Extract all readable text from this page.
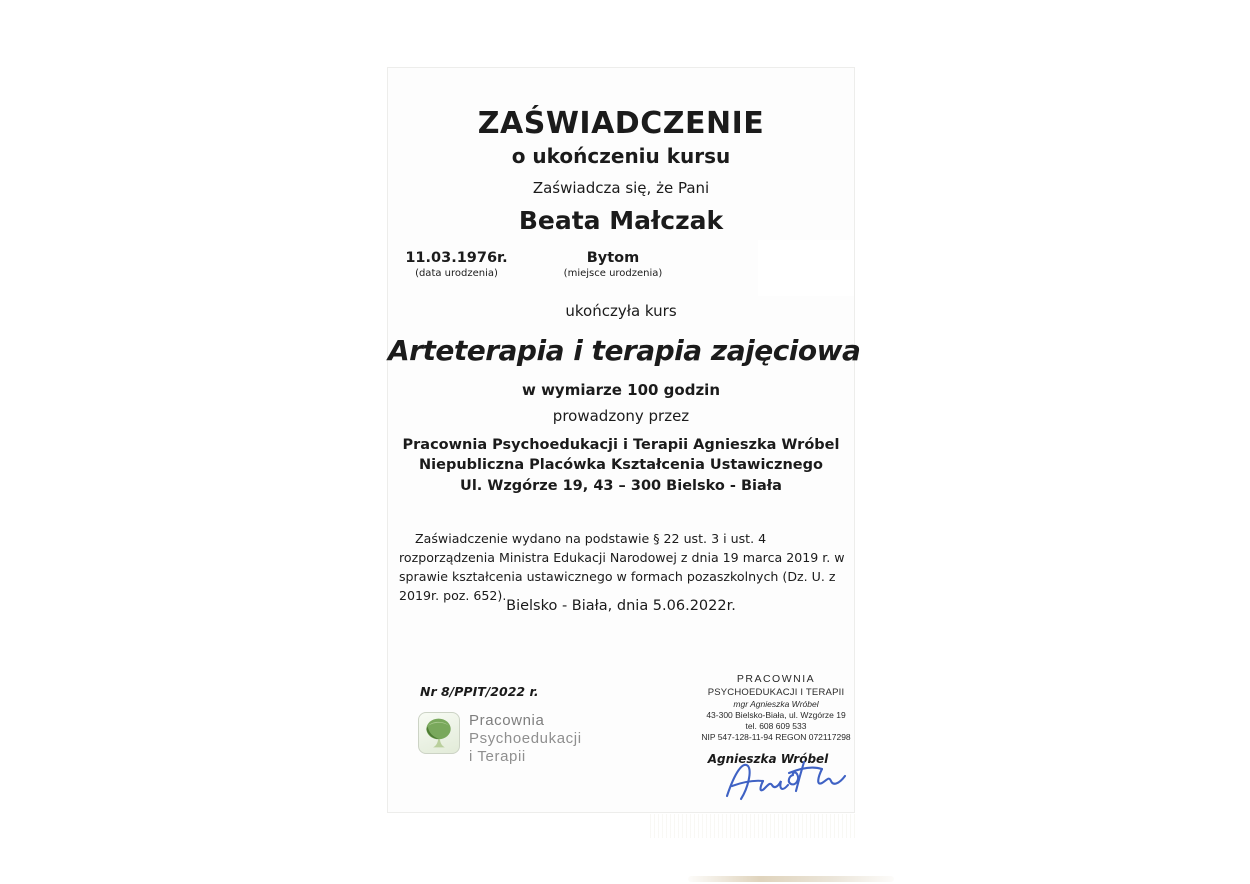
ZAŚWIADCZENIE
o ukończeniu kursu
Zaświadcza się, że Pani
Beata Małczak
11.03.1976r.
(data urodzenia)
Bytom
(miejsce urodzenia)
ukończyła kurs
Arteterapia i terapia zajęciowa
w wymiarze 100 godzin
prowadzony przez
Pracownia Psychoedukacji i Terapii Agnieszka Wróbel
Niepubliczna Placówka Kształcenia Ustawicznego
Ul. Wzgórze 19, 43 – 300 Bielsko - Biała
Zaświadczenie wydano na podstawie § 22 ust. 3 i ust. 4 rozporządzenia Ministra Edukacji Narodowej z dnia 19 marca 2019 r. w sprawie kształcenia ustawicznego w formach pozaszkolnych (Dz. U. z 2019r. poz. 652).
Bielsko - Biała, dnia 5.06.2022r.
Nr 8/PPIT/2022 r.
Pracownia
Psychoedukacji
i Terapii
PRACOWNIA
PSYCHOEDUKACJI I TERAPII
mgr Agnieszka Wróbel
43-300 Bielsko-Biała, ul. Wzgórze 19
tel. 608 609 533
NIP 547-128-11-94 REGON 072117298
Agnieszka Wróbel
